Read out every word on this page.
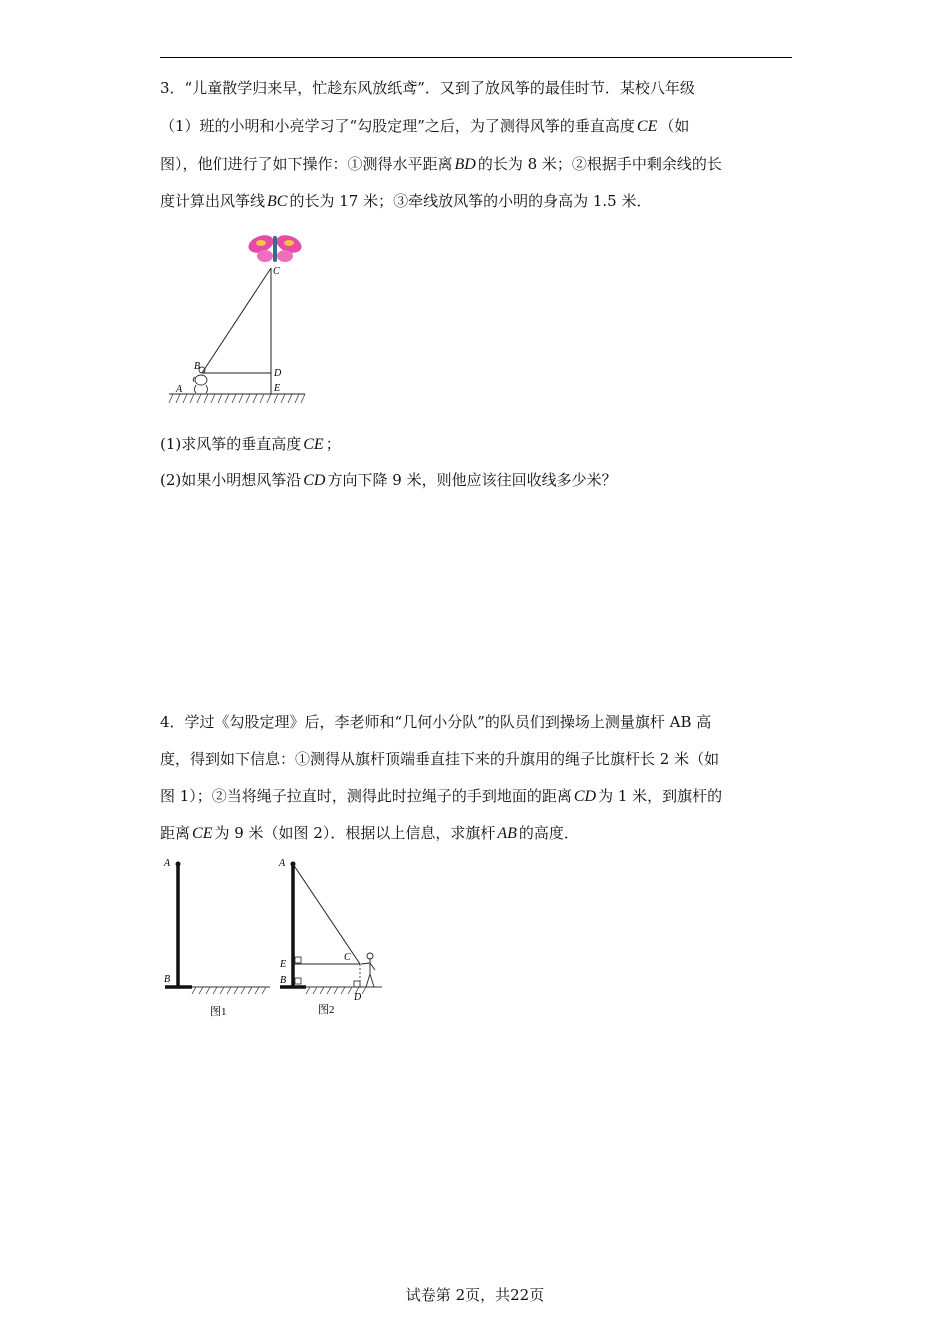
3．“儿童散学归来早，忙趁东风放纸鸢”．又到了放风筝的最佳时节．某校八年级
（1）班的小明和小亮学习了“勾股定理”之后，为了测得风筝的垂直高度 CE （如
图），他们进行了如下操作：①测得水平距离 BD 的长为 8 米；②根据手中剩余线的长
度计算出风筝线 BC 的长为 17 米；③牵线放风筝的小明的身高为 1.5 米．
C
B
D
E
A
(1)求风筝的垂直高度 CE ；
(2)如果小明想风筝沿 CD 方向下降 9 米，则他应该往回收线多少米？
4．学过《勾股定理》后，李老师和“几何小分队”的队员们到操场上测量旗杆 AB 高
度，得到如下信息：①测得从旗杆顶端垂直挂下来的升旗用的绳子比旗杆长 2 米（如
图 1）；②当将绳子拉直时，测得此时拉绳子的手到地面的距离 CD 为 1 米，到旗杆的
距离 CE 为 9 米（如图 2）．根据以上信息，求旗杆 AB 的高度．
A
B
图1
A
E
B
C
D
图2
试卷第 2页，共22页
